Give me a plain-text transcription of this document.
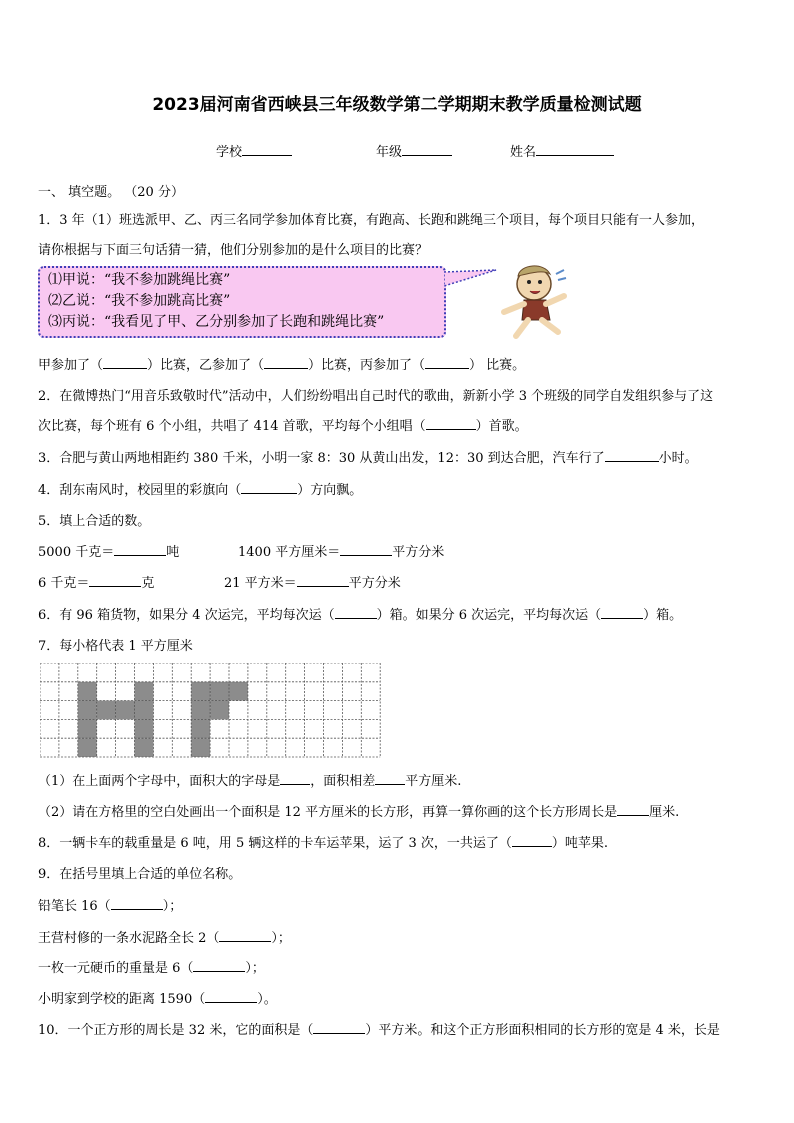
2023届河南省西峡县三年级数学第二学期期末教学质量检测试题
学校	年级	姓名
一、 填空题。 （20 分）
1．3 年（1）班选派甲、乙、丙三名同学参加体育比赛，有跑高、长跑和跳绳三个项目，每个项目只能有一人参加，
请你根据与下面三句话猜一猜，他们分别参加的是什么项目的比赛？
⑴甲说：“我不参加跳绳比赛”
⑵乙说：“我不参加跳高比赛”
⑶丙说：“我看见了甲、乙分别参加了长跑和跳绳比赛”
甲参加了（	）比赛，乙参加了（	）比赛，丙参加了（	） 比赛。
2．在微博热门“用音乐致敬时代”活动中，人们纷纷唱出自己时代的歌曲，新新小学 3 个班级的同学自发组织参与了这
次比赛，每个班有 6 个小组，共唱了 414 首歌，平均每个小组唱（	）首歌。
3．合肥与黄山两地相距约 380 千米，小明一家 8：30 从黄山出发，12：30 到达合肥，汽车行了	小时。
4．刮东南风时，校园里的彩旗向（	）方向飘。
5．填上合适的数。
5000 千克＝	吨	1400 平方厘米＝	平方分米
6 千克＝	克	21 平方米＝	平方分米
6．有 96 箱货物，如果分 4 次运完，平均每次运（	）箱。如果分 6 次运完，平均每次运（	）箱。
7．每小格代表 1 平方厘米
（1）在上面两个字母中，面积大的字母是 ，面积相差 平方厘米.
（2）请在方格里的空白处画出一个面积是 12 平方厘米的长方形，再算一算你画的这个长方形周长是 厘米.
8．一辆卡车的载重量是 6 吨，用 5 辆这样的卡车运苹果，运了 3 次，一共运了（	）吨苹果.
9．在括号里填上合适的单位名称。
铅笔长 16（	）；
王营村修的一条水泥路全长 2（	）；
一枚一元硬币的重量是 6（	）；
小明家到学校的距离 1590（	）。
10．一个正方形的周长是 32 米，它的面积是（	）平方米。和这个正方形面积相同的长方形的宽是 4 米，长是
